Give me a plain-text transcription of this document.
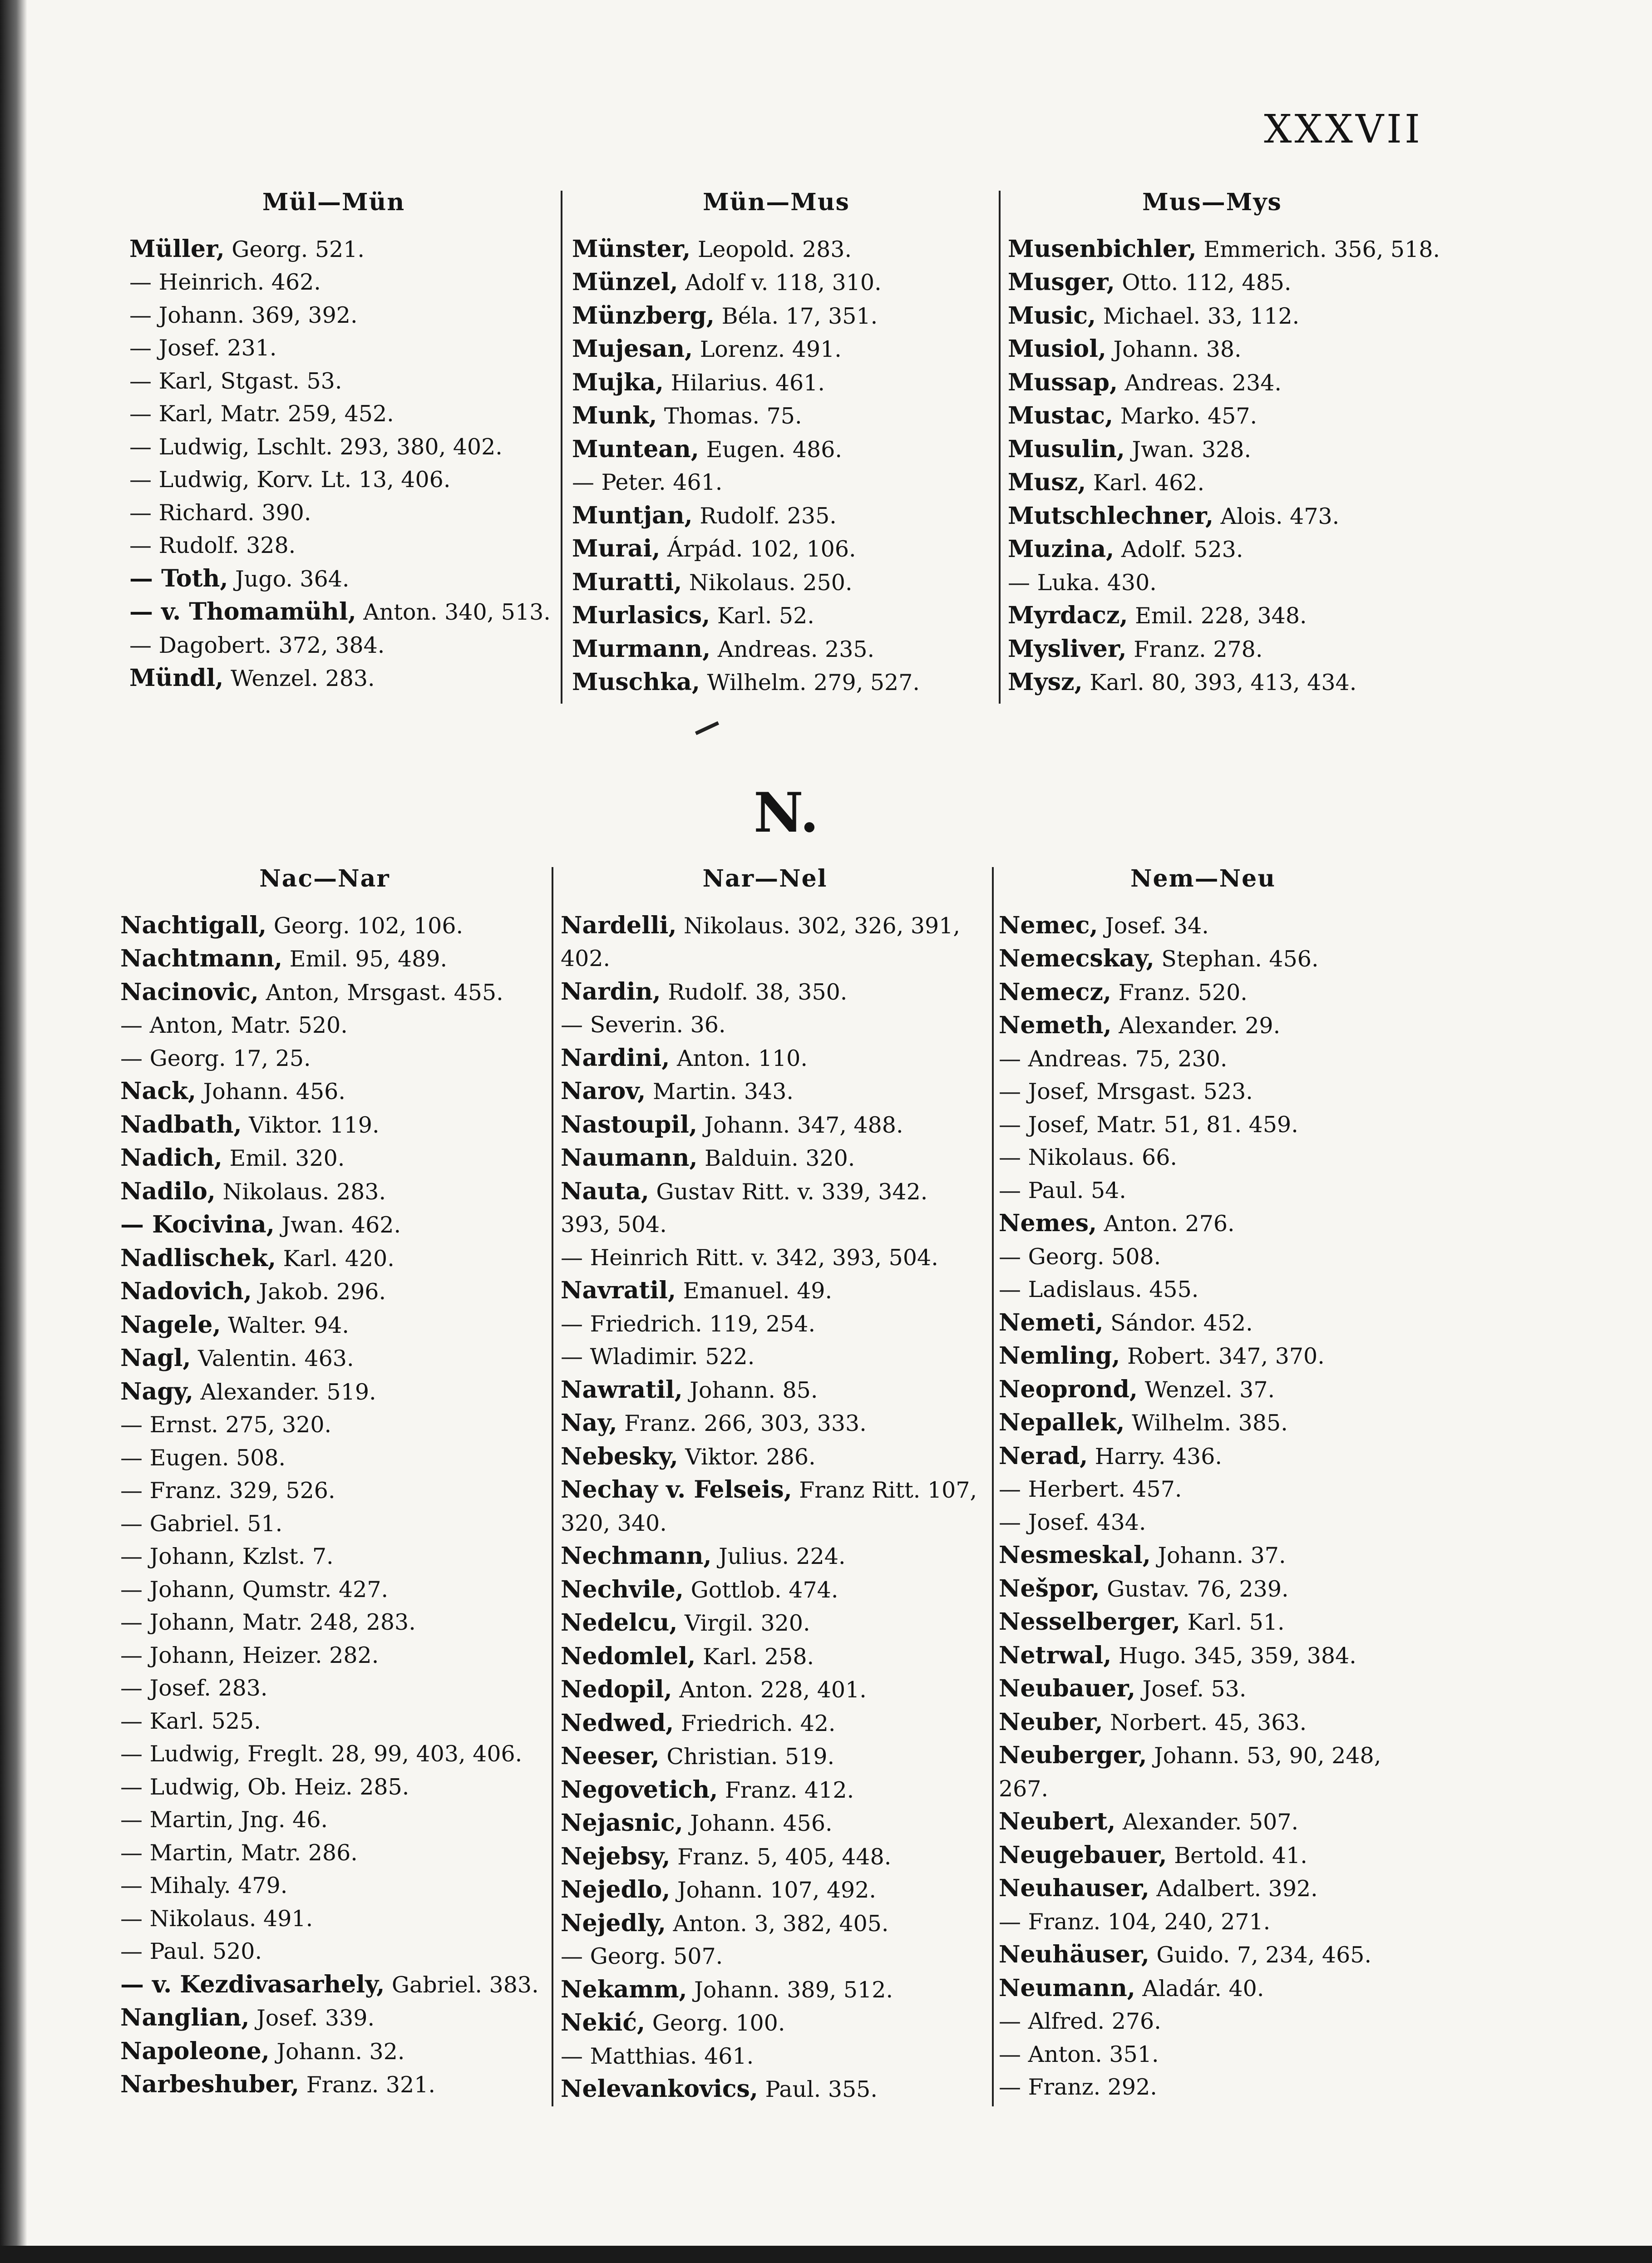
XXXVII
Mül—Mün
Müller, Georg. 521.
— Heinrich. 462.
— Johann. 369, 392.
— Josef. 231.
— Karl, Stgast. 53.
— Karl, Matr. 259, 452.
— Ludwig, Lschlt. 293, 380, 402.
— Ludwig, Korv. Lt. 13, 406.
— Richard. 390.
— Rudolf. 328.
— Toth, Jugo. 364.
— v. Thomamühl, Anton. 340, 513.
— Dagobert. 372, 384.
Mündl, Wenzel. 283.
Mün—Mus
Münster, Leopold. 283.
Münzel, Adolf v. 118, 310.
Münzberg, Béla. 17, 351.
Mujesan, Lorenz. 491.
Mujka, Hilarius. 461.
Munk, Thomas. 75.
Muntean, Eugen. 486.
— Peter. 461.
Muntjan, Rudolf. 235.
Murai, Árpád. 102, 106.
Muratti, Nikolaus. 250.
Murlasics, Karl. 52.
Murmann, Andreas. 235.
Muschka, Wilhelm. 279, 527.
Mus—Mys
Musenbichler, Emmerich. 356, 518.
Musger, Otto. 112, 485.
Music, Michael. 33, 112.
Musiol, Johann. 38.
Mussap, Andreas. 234.
Mustac, Marko. 457.
Musulin, Jwan. 328.
Musz, Karl. 462.
Mutschlechner, Alois. 473.
Muzina, Adolf. 523.
— Luka. 430.
Myrdacz, Emil. 228, 348.
Mysliver, Franz. 278.
Mysz, Karl. 80, 393, 413, 434.
N.
Nac—Nar
Nachtigall, Georg. 102, 106.
Nachtmann, Emil. 95, 489.
Nacinovic, Anton, Mrsgast. 455.
— Anton, Matr. 520.
— Georg. 17, 25.
Nack, Johann. 456.
Nadbath, Viktor. 119.
Nadich, Emil. 320.
Nadilo, Nikolaus. 283.
— Kocivina, Jwan. 462.
Nadlischek, Karl. 420.
Nadovich, Jakob. 296.
Nagele, Walter. 94.
Nagl, Valentin. 463.
Nagy, Alexander. 519.
— Ernst. 275, 320.
— Eugen. 508.
— Franz. 329, 526.
— Gabriel. 51.
— Johann, Kzlst. 7.
— Johann, Qumstr. 427.
— Johann, Matr. 248, 283.
— Johann, Heizer. 282.
— Josef. 283.
— Karl. 525.
— Ludwig, Freglt. 28, 99, 403, 406.
— Ludwig, Ob. Heiz. 285.
— Martin, Jng. 46.
— Martin, Matr. 286.
— Mihaly. 479.
— Nikolaus. 491.
— Paul. 520.
— v. Kezdivasarhely, Gabriel. 383.
Nanglian, Josef. 339.
Napoleone, Johann. 32.
Narbeshuber, Franz. 321.
Nar—Nel
Nardelli, Nikolaus. 302, 326, 391,
402.
Nardin, Rudolf. 38, 350.
— Severin. 36.
Nardini, Anton. 110.
Narov, Martin. 343.
Nastoupil, Johann. 347, 488.
Naumann, Balduin. 320.
Nauta, Gustav Ritt. v. 339, 342.
393, 504.
— Heinrich Ritt. v. 342, 393, 504.
Navratil, Emanuel. 49.
— Friedrich. 119, 254.
— Wladimir. 522.
Nawratil, Johann. 85.
Nay, Franz. 266, 303, 333.
Nebesky, Viktor. 286.
Nechay v. Felseis, Franz Ritt. 107,
320, 340.
Nechmann, Julius. 224.
Nechvile, Gottlob. 474.
Nedelcu, Virgil. 320.
Nedomlel, Karl. 258.
Nedopil, Anton. 228, 401.
Nedwed, Friedrich. 42.
Neeser, Christian. 519.
Negovetich, Franz. 412.
Nejasnic, Johann. 456.
Nejebsy, Franz. 5, 405, 448.
Nejedlo, Johann. 107, 492.
Nejedly, Anton. 3, 382, 405.
— Georg. 507.
Nekamm, Johann. 389, 512.
Nekić, Georg. 100.
— Matthias. 461.
Nelevankovics, Paul. 355.
Nem—Neu
Nemec, Josef. 34.
Nemecskay, Stephan. 456.
Nemecz, Franz. 520.
Nemeth, Alexander. 29.
— Andreas. 75, 230.
— Josef, Mrsgast. 523.
— Josef, Matr. 51, 81. 459.
— Nikolaus. 66.
— Paul. 54.
Nemes, Anton. 276.
— Georg. 508.
— Ladislaus. 455.
Nemeti, Sándor. 452.
Nemling, Robert. 347, 370.
Neoprond, Wenzel. 37.
Nepallek, Wilhelm. 385.
Nerad, Harry. 436.
— Herbert. 457.
— Josef. 434.
Nesmeskal, Johann. 37.
Nešpor, Gustav. 76, 239.
Nesselberger, Karl. 51.
Netrwal, Hugo. 345, 359, 384.
Neubauer, Josef. 53.
Neuber, Norbert. 45, 363.
Neuberger, Johann. 53, 90, 248,
267.
Neubert, Alexander. 507.
Neugebauer, Bertold. 41.
Neuhauser, Adalbert. 392.
— Franz. 104, 240, 271.
Neuhäuser, Guido. 7, 234, 465.
Neumann, Aladár. 40.
— Alfred. 276.
— Anton. 351.
— Franz. 292.
